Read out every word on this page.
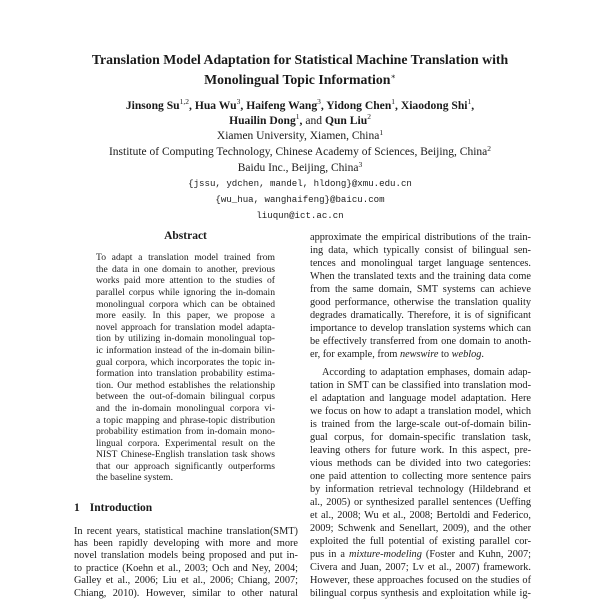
Translation Model Adaptation for Statistical Machine Translation with
Monolingual Topic Information∗
Jinsong Su$^{1,2}$, Hua Wu$^3$, Haifeng Wang$^3$, Yidong Chen$^1$, Xiaodong Shi$^1$,
Huailin Dong$^1$, and Qun Liu$^2$
Xiamen University, Xiamen, China$^1$
Institute of Computing Technology, Chinese Academy of Sciences, Beijing, China$^2$
Baidu Inc., Beijing, China$^3$
{jssu, ydchen, mandel, hldong}@xmu.edu.cn
{wu_hua, wanghaifeng}@baicu.com
liuqun@ict.ac.cn
Abstract
To adapt a translation model trained from
the data in one domain to another, previous
works paid more attention to the studies of
parallel corpus while ignoring the in-domain
monolingual corpora which can be obtained
more easily. In this paper, we propose a
novel approach for translation model adapta-
tion by utilizing in-domain monolingual top-
ic information instead of the in-domain bilin-
gual corpora, which incorporates the topic in-
formation into translation probability estima-
tion. Our method establishes the relationship
between the out-of-domain bilingual corpus
and the in-domain monolingual corpora vi-
a topic mapping and phrase-topic distribution
probability estimation from in-domain mono-
lingual corpora. Experimental result on the
NIST Chinese-English translation task shows
that our approach significantly outperforms
the baseline system.
1 Introduction
In recent years, statistical machine translation(SMT)
has been rapidly developing with more and more
novel translation models being proposed and put in-
to practice (Koehn et al., 2003; Och and Ney, 2004;
Galley et al., 2006; Liu et al., 2006; Chiang, 2007;
Chiang, 2010). However, similar to other natural
approximate the empirical distributions of the train-
ing data, which typically consist of bilingual sen-
tences and monolingual target language sentences.
When the translated texts and the training data come
from the same domain, SMT systems can achieve
good performance, otherwise the translation quality
degrades dramatically. Therefore, it is of significant
importance to develop translation systems which can
be effectively transferred from one domain to anoth-
er, for example, from newswire to weblog.
According to adaptation emphases, domain adap-
tation in SMT can be classified into translation mod-
el adaptation and language model adaptation. Here
we focus on how to adapt a translation model, which
is trained from the large-scale out-of-domain bilin-
gual corpus, for domain-specific translation task,
leaving others for future work. In this aspect, pre-
vious methods can be divided into two categories:
one paid attention to collecting more sentence pairs
by information retrieval technology (Hildebrand et
al., 2005) or synthesized parallel sentences (Ueffing
et al., 2008; Wu et al., 2008; Bertoldi and Federico,
2009; Schwenk and Senellart, 2009), and the other
exploited the full potential of existing parallel cor-
pus in a mixture-modeling (Foster and Kuhn, 2007;
Civera and Juan, 2007; Lv et al., 2007) framework.
However, these approaches focused on the studies of
bilingual corpus synthesis and exploitation while ig-
